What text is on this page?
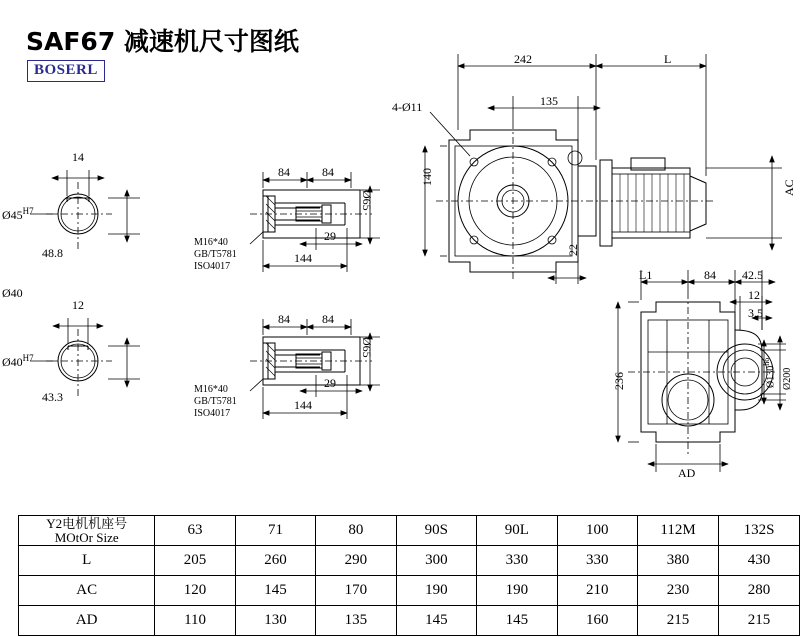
SAF67 减速机尺寸图纸
BOSERL
14
$Ø45^{H7}$
48.8
Ø40
12
$Ø40^{H7}$
43.3
84	84
29
144
Ø65
M16*40
GB/T5781
ISO4017
84	84
29
144
Ø65
M16*40
GB/T5781
ISO4017
242	L
135
4-Ø11
140
22
AC
L1	84 42.5
12
3.5
236	$Ø130^{h6}$
Ø200
AD
Y2电机机座号
MOtOr Size	63	71	80	90S	90L	100	112M	132S
L	205	260	290	300	330	330	380	430
AC	120	145	170	190	190	210	230	280
AD	110	130	135	145	145	160	215	215
